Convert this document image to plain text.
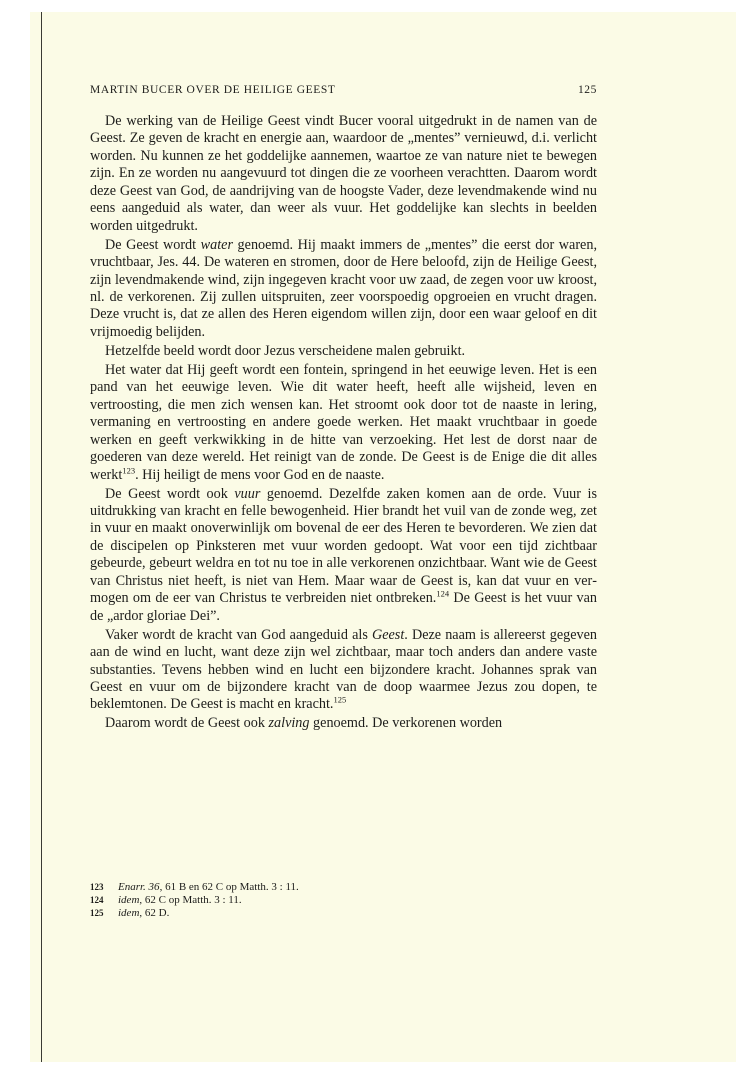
MARTIN BUCER OVER DE HEILIGE GEEST	125

De werking van de Heilige Geest vindt Bucer vooral uitgedrukt in de namen van de Geest. Ze geven de kracht en energie aan, waardoor de „mentes” vernieuwd, d.i. verlicht worden. Nu kunnen ze het goddelijke aannemen, waartoe ze van nature niet te bewegen zijn. En ze worden nu aangevuurd tot dingen die ze voorheen verachtten. Daarom wordt deze Geest van God, de aandrijving van de hoogste Vader, deze levendmakende wind nu eens aangeduid als water, dan weer als vuur. Het goddelijke kan slechts in beelden worden uitgedrukt.

De Geest wordt water genoemd. Hij maakt immers de „mentes” die eerst dor waren, vruchtbaar, Jes. 44. De wateren en stromen, door de Here beloofd, zijn de Heilige Geest, zijn levendmakende wind, zijn ingegeven kracht voor uw zaad, de zegen voor uw kroost, nl. de verkorenen. Zij zullen uitspruiten, zeer voorspoedig opgroeien en vrucht dragen. Deze vrucht is, dat ze allen des Heren eigendom willen zijn, door een waar geloof en dit vrijmoedig belijden.

Hetzelfde beeld wordt door Jezus verscheidene malen gebruikt.

Het water dat Hij geeft wordt een fontein, springend in het eeuwige leven. Het is een pand van het eeuwige leven. Wie dit water heeft, heeft alle wijsheid, leven en vertroosting, die men zich wensen kan. Het stroomt ook door tot de naaste in lering, vermaning en vertroosting en andere goede werken. Het maakt vruchtbaar in goede werken en geeft verkwikking in de hitte van verzoeking. Het lest de dorst naar de goederen van deze wereld. Het reinigt van de zonde. De Geest is de Enige die dit alles werkt$^{123}$. Hij heiligt de mens voor God en de naaste.

De Geest wordt ook vuur genoemd. Dezelfde zaken komen aan de orde. Vuur is uitdrukking van kracht en felle bewogenheid. Hier brandt het vuil van de zonde weg, zet in vuur en maakt onoverwinlijk om bovenal de eer des Heren te bevorderen. We zien dat de discipelen op Pinksteren met vuur worden gedoopt. Wat voor een tijd zichtbaar gebeurde, gebeurt weldra en tot nu toe in alle verkorenen onzichtbaar. Want wie de Geest van Christus niet heeft, is niet van Hem. Maar waar de Geest is, kan dat vuur en vermogen om de eer van Christus te verbreiden niet ontbreken.$^{124}$ De Geest is het vuur van de „ardor gloriae Dei”.

Vaker wordt de kracht van God aangeduid als Geest. Deze naam is allereerst gegeven aan de wind en lucht, want deze zijn wel zichtbaar, maar toch anders dan andere vaste substanties. Tevens hebben wind en lucht een bijzondere kracht. Johannes sprak van Geest en vuur om de bijzondere kracht van de doop waarmee Jezus zou dopen, te beklemtonen. De Geest is macht en kracht.$^{125}$

Daarom wordt de Geest ook zalving genoemd. De verkorenen worden

123	Enarr. 36, 61 B en 62 C op Matth. 3 : 11.
124	idem, 62 C op Matth. 3 : 11.
125	idem, 62 D.
